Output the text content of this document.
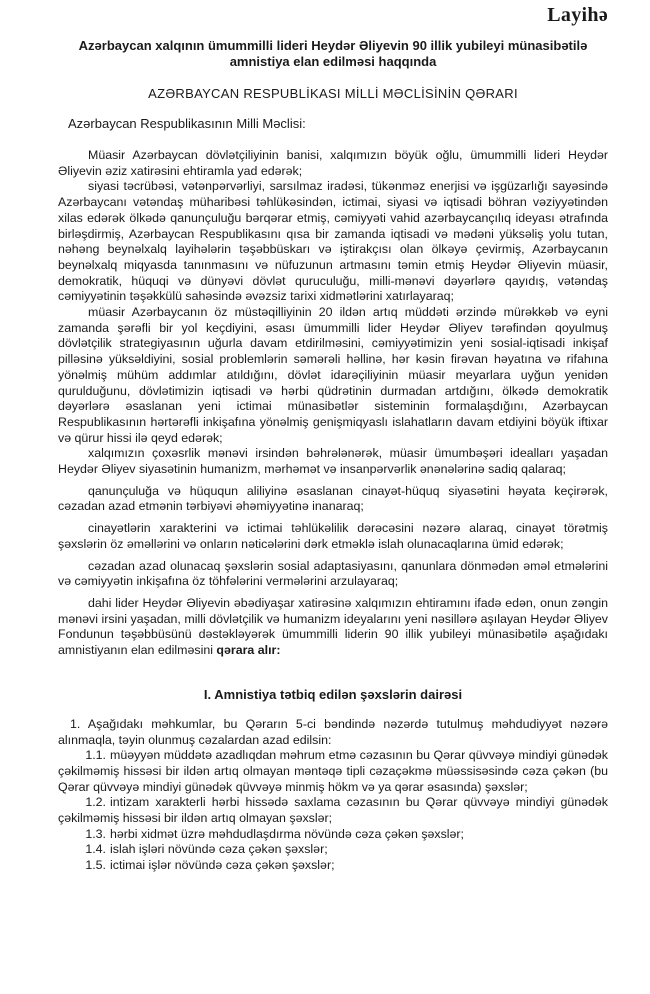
Layihə

Azərbaycan xalqının ümummilli lideri Heydər Əliyevin 90 illik yubileyi münasibətilə amnistiya elan edilməsi haqqında

AZƏRBAYCAN RESPUBLİKASI MİLLİ MƏCLİSİNİN QƏRARI

Azərbaycan Respublikasının Milli Məclisi:

Müasir Azərbaycan dövlətçiliyinin banisi, xalqımızın böyük oğlu, ümummilli lideri Heydər Əliyevin əziz xatirəsini ehtiramla yad edərək;

siyasi təcrübəsi, vətənpərvərliyi, sarsılmaz iradəsi, tükənməz enerjisi və işgüzarlığı sayəsində Azərbaycanı vətəndaş müharibəsi təhlükəsindən, ictimai, siyasi və iqtisadi böhran vəziyyətindən xilas edərək ölkədə qanunçuluğu bərqərar etmiş, cəmiyyəti vahid azərbaycançılıq ideyası ətrafında birləşdirmiş, Azərbaycan Respublikasını qısa bir zamanda iqtisadi və mədəni yüksəliş yolu tutan, nəhəng beynəlxalq layihələrin təşəbbüskarı və iştirakçısı olan ölkəyə çevirmiş, Azərbaycanın beynəlxalq miqyasda tanınmasını və nüfuzunun artmasını təmin etmiş Heydər Əliyevin müasir, demokratik, hüquqi və dünyəvi dövlət quruculuğu, milli-mənəvi dəyərlərə qayıdış, vətəndaş cəmiyyətinin təşəkkülü sahəsində əvəzsiz tarixi xidmətlərini xatırlayaraq;

müasir Azərbaycanın öz müstəqilliyinin 20 ildən artıq müddəti ərzində mürəkkəb və eyni zamanda şərəfli bir yol keçdiyini, əsası ümummilli lider Heydər Əliyev tərəfindən qoyulmuş dövlətçilik strategiyasının uğurla davam etdirilməsini, cəmiyyətimizin yeni sosial-iqtisadi inkişaf pilləsinə yüksəldiyini, sosial problemlərin səmərəli həllinə, hər kəsin firəvan həyatına və rifahına yönəlmiş mühüm addımlar atıldığını, dövlət idarəçiliyinin müasir meyarlara uyğun yenidən qurulduğunu, dövlətimizin iqtisadi və hərbi qüdrətinin durmadan artdığını, ölkədə demokratik dəyərlərə əsaslanan yeni ictimai münasibətlər sisteminin formalaşdığını, Azərbaycan Respublikasının hərtərəfli inkişafına yönəlmiş genişmiqyaslı islahatların davam etdiyini böyük iftixar və qürur hissi ilə qeyd edərək;

xalqımızın çoxəsrlik mənəvi irsindən bəhrələnərək, müasir ümumbəşəri idealları yaşadan Heydər Əliyev siyasətinin humanizm, mərhəmət və insanpərvərlik ənənələrinə sadiq qalaraq;

qanunçuluğa və hüququn aliliyinə əsaslanan cinayət-hüquq siyasətini həyata keçirərək, cəzadan azad etmənin tərbiyəvi əhəmiyyətinə inanaraq;

cinayətlərin xarakterini və ictimai təhlükəlilik dərəcəsini nəzərə alaraq, cinayət törətmiş şəxslərin öz əməllərini və onların nəticələrini dərk etməklə islah olunacaqlarına ümid edərək;

cəzadan azad olunacaq şəxslərin sosial adaptasiyasını, qanunlara dönmədən əməl etmələrini və cəmiyyətin inkişafına öz töhfələrini vermələrini arzulayaraq;

dahi lider Heydər Əliyevin əbədiyaşar xatirəsinə xalqımızın ehtiramını ifadə edən, onun zəngin mənəvi irsini yaşadan, milli dövlətçilik və humanizm ideyalarını yeni nəsillərə aşılayan Heydər Əliyev Fondunun təşəbbüsünü dəstəkləyərək ümummilli liderin 90 illik yubileyi münasibətilə aşağıdakı amnistiyanın elan edilməsini qərara alır:

I. Amnistiya tətbiq edilən şəxslərin dairəsi

1. Aşağıdakı məhkumlar, bu Qərarın 5-ci bəndində nəzərdə tutulmuş məhdudiyyət nəzərə alınmaqla, təyin olunmuş cəzalardan azad edilsin:

1.1. müəyyən müddətə azadlıqdan məhrum etmə cəzasının bu Qərar qüvvəyə mindiyi günədək çəkilməmiş hissəsi bir ildən artıq olmayan məntəqə tipli cəzaçəkmə müəssisəsində cəza çəkən (bu Qərar qüvvəyə mindiyi günədək qüvvəyə minmiş hökm və ya qərar əsasında) şəxslər;

1.2. intizam xarakterli hərbi hissədə saxlama cəzasının bu Qərar qüvvəyə mindiyi günədək çəkilməmiş hissəsi bir ildən artıq olmayan şəxslər;

1.3. hərbi xidmət üzrə məhdudlaşdırma növündə cəza çəkən şəxslər;

1.4. islah işləri növündə cəza çəkən şəxslər;

1.5. ictimai işlər növündə cəza çəkən şəxslər;
